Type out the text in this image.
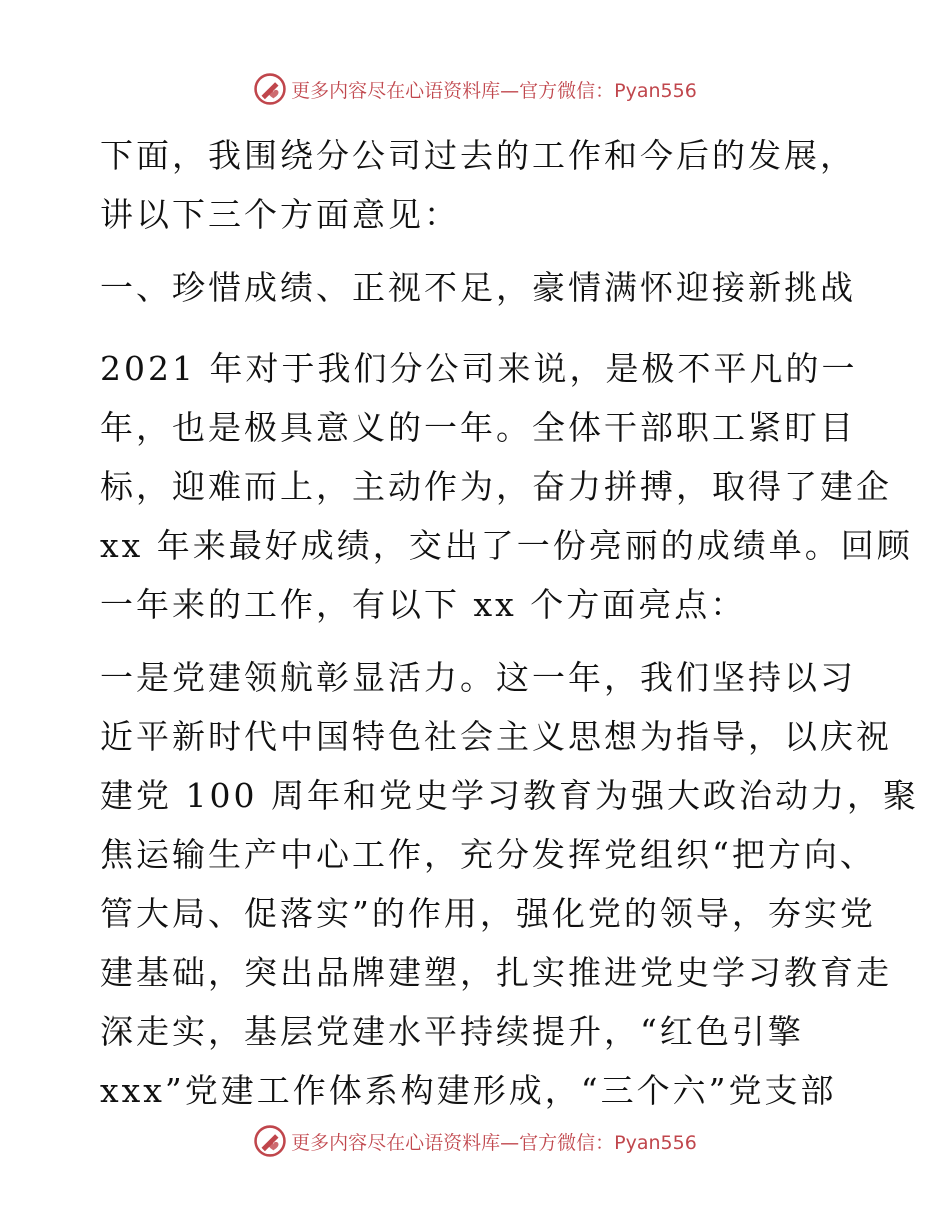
更多内容尽在心语资料库— 官方微信：Pyan556

下面，我围绕分公司过去的工作和今后的发展，
讲以下三个方面意见：

一、珍惜成绩、正视不足，豪情满怀迎接新挑战

2021 年对于我们分公司来说，是极不平凡的一
年，也是极具意义的一年。全体干部职工紧盯目
标，迎难而上，主动作为，奋力拼搏，取得了建企
xx 年来最好成绩，交出了一份亮丽的成绩单。回顾
一年来的工作，有以下 xx 个方面亮点：

一是党建领航彰显活力。这一年，我们坚持以习
近平新时代中国特色社会主义思想为指导，以庆祝
建党 100 周年和党史学习教育为强大政治动力，聚
焦运输生产中心工作，充分发挥党组织“把方向、
管大局、促落实”的作用，强化党的领导，夯实党
建基础，突出品牌建塑，扎实推进党史学习教育走
深走实，基层党建水平持续提升，“红色引擎
xxx”党建工作体系构建形成，“三个六”党支部

更多内容尽在心语资料库— 官方微信：Pyan556
